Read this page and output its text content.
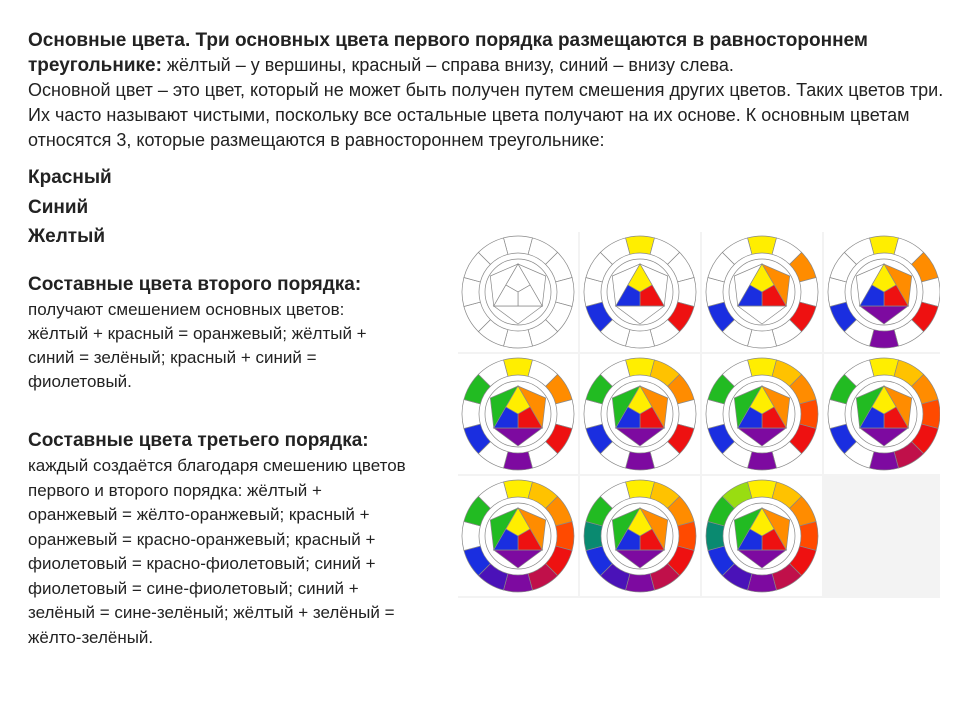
Основные цвета. Три основных цвета первого порядка размещаются в равностороннем
треугольнике: жёлтый – у вершины, красный – справа внизу, синий – внизу слева.
Основной цвет – это цвет, который не может быть получен путем смешения других цветов. Таких цветов три. Их часто называют чистыми, поскольку все остальные цвета получают на их основе. К основным цветам относятся 3, которые размещаются в равностороннем треугольнике:
Красный
Синий
Желтый
Составные цвета второго порядка:
получают смешением основных цветов:
жёлтый + красный = оранжевый; жёлтый +
синий = зелёный; красный + синий =
фиолетовый.
Составные цвета третьего порядка:
каждый создаётся благодаря смешению цветов
первого и второго порядка: жёлтый +
оранжевый = жёлто-оранжевый; красный +
оранжевый = красно-оранжевый; красный +
фиолетовый = красно-фиолетовый; синий +
фиолетовый = сине-фиолетовый; синий +
зелёный = сине-зелёный; жёлтый + зелёный =
жёлто-зелёный.
